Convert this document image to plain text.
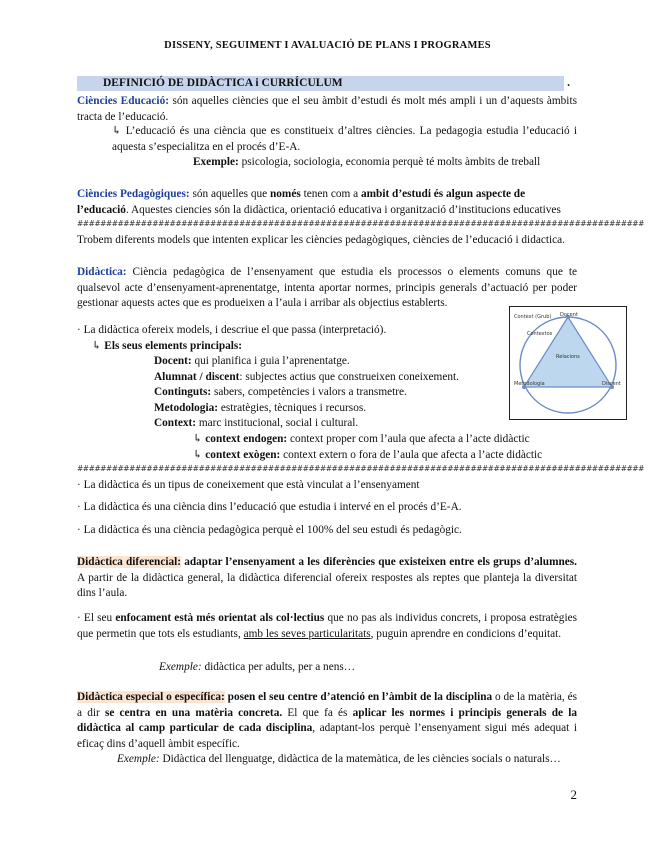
DISSENY, SEGUIMENT I AVALUACIÓ DE PLANS I PROGRAMES
DEFINICIÓ DE DIDÀCTICA i CURRÍCULUM	.
Ciències Educació: són aquelles ciències que el seu àmbit d’estudi és molt més ampli i un d’aquests àmbits tracta de l’educació.
↳ L’educació és una ciència que es constitueix d’altres ciències. La pedagogia estudia l’educació i aquesta s’especialitza en el procés d’E-A.
Exemple: psicologia, sociologia, economia perquè té molts àmbits de treball
Ciències Pedagògiques: són aquelles que només tenen com a ambit d’estudi és algun aspecte de l’educació. Aquestes ciencies són la didàctica, orientació educativa i organització d’institucions educatives
##################################################################################################
Trobem diferents models que intenten explicar les ciències pedagògiques, ciències de l’educació i didactica.
Didàctica: Ciència pedagògica de l’ensenyament que estudia els processos o elements comuns que te qualsevol acte d’ensenyament-aprenentatge, intenta aportar normes, principis generals d’actuació per poder gestionar aquests actes que es produeixen a l’aula i arribar als objectius establerts.
· La didàctica ofereix models, i descriue el que passa (interpretació).
↳ Els seus elements principals:
Docent: qui planifica i guia l’aprenentatge.
Alumnat / discent: subjectes actius que construeixen coneixement.
Continguts: sabers, competències i valors a transmetre.
Metodologia: estratègies, tècniques i recursos.
Context: marc institucional, social i cultural.
↳ context endogen: context proper com l’aula que afecta a l’acte didàctic
↳ context exògen: context extern o fora de l’aula que afecta a l’acte didàctic
Context (Grub)
Contextos
Docent
Relacions
Metodologia	Discent
##################################################################################################
· La didàctica és un tipus de coneixement que està vinculat a l’ensenyament
· La didàctica és una ciència dins l’educació que estudia i intervé en el procés d’E-A.
· La didàctica és una ciència pedagògica perquè el 100% del seu estudi és pedagògic.
Didàctica diferencial: adaptar l’ensenyament a les diferències que existeixen entre els grups d’alumnes. A partir de la didàctica general, la didàctica diferencial ofereix respostes als reptes que planteja la diversitat dins l’aula.
· El seu enfocament està més orientat als col·lectius que no pas als individus concrets, i proposa estratègies que permetin que tots els estudiants, amb les seves particularitats, puguin aprendre en condicions d’equitat.
Exemple: didàctica per adults, per a nens…
Didàctica especial o específica: posen el seu centre d’atenció en l’àmbit de la disciplina o de la matèria, és a dir se centra en una matèria concreta. El que fa és aplicar les normes i principis generals de la didàctica al camp particular de cada disciplina, adaptant-los perquè l’ensenyament sigui més adequat i eficaç dins d’aquell àmbit específic.
Exemple: Didàctica del llenguatge, didàctica de la matemàtica, de les ciències socials o naturals…
2
